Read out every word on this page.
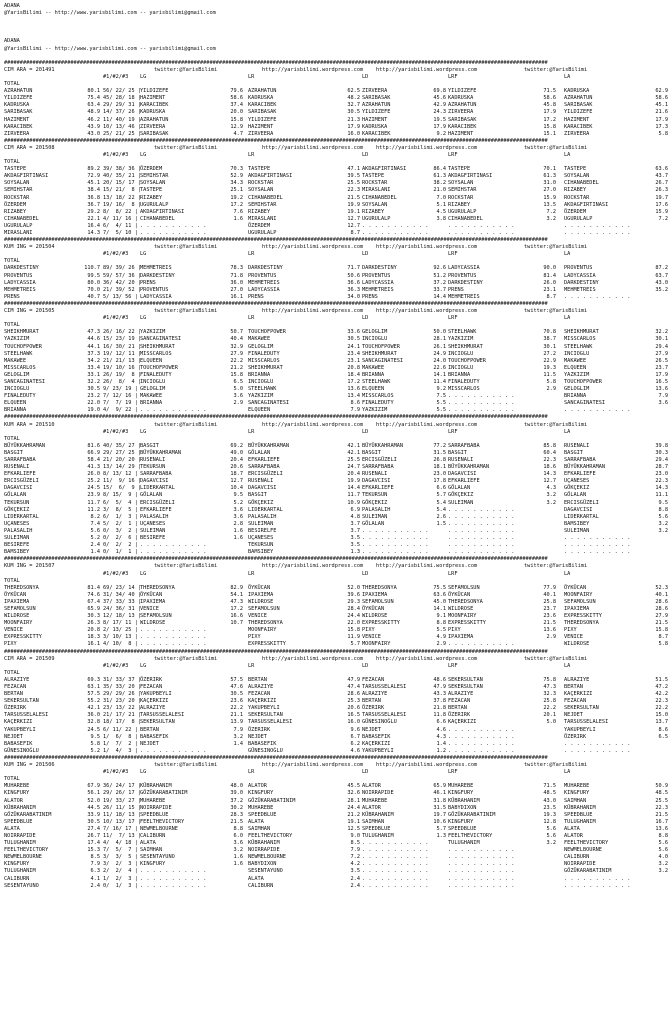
ADANA
@YarisBilimi -- http://www.yarisbilimi.com -- yarisbilimi@gmail.com
ADANA
@YarisBilimi -- http://www.yarisbilimi.com -- yarisbilimi@gmail.com
############################################################################################################################################################################
CIM ARA = 201491	http://yarisbilimi.wordpress.com
twitter:@YarisBilimi	twitter:@YarisBilimi
http://yarisbilimi.wordpress.com
#1/#2/#3 LG	LR	LD	LRF	LA
TOTAL
AZRAHATUN	80.1 56/ 22/ 25 | YILDIZEFE	79.6 AZRAHATUN	62.5 ZIRVEERA	69.8 YILDIZEFE	71.5 KADRUSKA	62.9
YILDIZEFE	75.4 45/ 28/ 18 | HAZIMENT	58.6 KADRUSKA	48.2 SARIBASAK	45.6 KADRUSKA	58.6 AZRAHATUN	58.6
KADRUSKA	63.4 29/ 29/ 31 | KARACIBEK	37.4 KARACIBEK	32.7 AZRAHATUN	42.9 AZRAHATUN	45.8 SARIBASAK	45.1
SARIBASAK	48.9 14/ 37/ 26 | KADRUSKA	20.0 SARIBASAK	30.5 YILDIZEFE	24.3 ZIRVEERA	17.9 YILDIZEFE	21.6
HAZIMENT	46.2 11/ 40/ 19 | AZRAHATUN	15.8 YILDIZEFE	21.3 HAZIMENT	19.5 SARIBASAK	17.2 HAZIMENT	17.9
KARACIBEK	43.9 10/ 13/ 46 | ZIRVEERA	12.9 HAZIMENT	17.9 KADRUSKA	17.9 KARACIBEK	15.8 KARACIBEK	17.3
ZIRVEERA	43.0 25/ 21/ 25 | SARIBASAK	4.7 ZIRVEERA	16.0 KARACIBEK	9.2 HAZIMENT	15.1 ZIRVEERA	5.8
############################################################################################################################################################################
CIM ARA = 201508	http://yarisbilimi.wordpress.com
twitter:@YarisBilimi	twitter:@YarisBilimi
http://yarisbilimi.wordpress.com
#1/#2/#3 LG	LR	LD	LRF	LA
TOTAL
TASTEPE	89.2 39/ 38/ 36 | ÖZERDEM	70.3 TASTEPE	47.1 AKDAGFIRTINASI	86.4 TASTEPE	70.1 TASTEPE	63.6
AKDAGFIRTINASI	72.9 40/ 35/ 21 | SEMIHSTAR	52.9 AKDAGFIRTINASI	39.5 TASTEPE	61.3 AKDAGFIRTINASI	61.3 SOYSALAN	43.7
SOYSALAN	45.1 20/ 15/ 17 | SOYSALAN	34.3 ROCKSTAR	25.5 ROCKSTAR	38.2 SOYSALAN	31.0 CIHANABEDEL	26.7
SEMIHSTAR	38.4 15/ 21/  8 | TASTEPE	25.1 SOYSALAN	22.3 MIRASLANI	21.0 SEMIHSTAR	27.0 RIZABEY	26.3
ROCKSTAR	36.8 13/ 18/ 22 | RIZABEY	19.2 CIHANABEDEL	21.5 CIHANABEDEL	7.0 ROCKSTAR	15.9 ROCKSTAR	19.7
ÖZERDEM	36.7 19/ 16/  8 | UGURULALP	17.2 SEMIHSTAR	19.9 SOYSALAN	5.1 RIZABEY	13.5 AKDAGFIRTINASI	17.6
RIZABEY	29.2 8/  8/ 22 | AKDAGFIRTINASI	7.6 RIZABEY	19.1 RIZABEY	4.5 UGURULALP	7.2 ÖZERDEM	15.9
CIHANABEDEL	22.1 4/ 11/ 16 | CIHANABEDEL	1.6 MIRASLANI	12.7 UGURULALP	3.8 CIHANABEDEL	3.2 UGURULALP	7.2
UGURULALP	16.4 6/  4/ 11 | . . . . . . . . . . .	ÖZERDEM	12.7 . . . . . . . . . . .	. . . . . . . . . . .	. . . . . . . . . . .
MIRASLANI	14.3 7/  5/ 10 | . . . . . . . . . . .	UGURULALP	8.7 . . . . . . . . . . .	. . . . . . . . . . .	. . . . . . . . . . .
############################################################################################################################################################################
KUM ING = 201504	http://yarisbilimi.wordpress.com
twitter:@YarisBilimi	twitter:@YarisBilimi
http://yarisbilimi.wordpress.com
#1/#2/#3 LG	LR	LD	LRF	LA
TOTAL
DARKDESTINY	110.7 89/ 39/ 26 | MEHMETREIS	78.3 DARKDESTINY	71.7 DARKDESTINY	92.6 LADYCASSIA	90.0 PROVENTUS	87.2
PROVENTUS	99.5 59/ 57/ 36 | DARKDESTINY	71.8 PROVENTUS	50.6 PROVENTUS	51.2 PROVENTUS	81.4 LADYCASSIA	63.7
LADYCASSIA	80.0 36/ 42/ 20 | PRENS	36.0 MEHMETREIS	36.6 LADYCASSIA	37.2 DARKDESTINY	26.0 DARKDESTINY	43.0
MEHMETREIS	70.0 21/ 39/ 52 | PROVENTUS	27.0 LADYCASSIA	36.3 MEHMETREIS	33.7 PRENS	23.1 MEHMETREIS	35.2
PRENS	40.7 5/ 13/ 56 | LADYCASSIA	16.1 PRENS	34.0 PRENS	14.4 MEHMETREIS	8.7 . . . . . . . . . . .
############################################################################################################################################################################
CIM ING = 201505	http://yarisbilimi.wordpress.com
twitter:@YarisBilimi	twitter:@YarisBilimi
http://yarisbilimi.wordpress.com
#1/#2/#3 LG	LR	LD	LRF	LA
TOTAL
SHEIKHMURAT	47.3 26/ 16/ 22 | YAZKIZIM	50.7 TOUCHOFPOWER	33.6 GELOGLIM	50.0 STEELHAWK	70.8 SHEIKHMURAT	32.2
YAZKIZIM	44.6 15/ 23/ 19 | SANCAGINATESI	40.4 MAKAWEE	30.5 INCIOGLU	28.1 YAZKIZIM	38.7 MISSCARLOS	30.1
TOUCHOFPOWER	44.1 16/ 30/ 21 | SHEIKHMURAT	32.9 GELOGLIM	24.1 TOUCHOFPOWER	26.1 SHEIKHMURAT	30.1 STEELHAWK	29.4
STEELHAWK	37.3 19/ 12/ 11 | MISSCARLOS	27.9 FINALEDUTY	23.4 SHEIKHMURAT	24.9 INCIOGLU	27.2 INCIOGLU	27.9
MAKAWEE	34.2 21/ 21/ 13 | ELQUEEN	22.2 MISSCARLOS	23.1 SANCAGINATESI	24.0 TOUCHOFPOWER	22.9 MAKAWEE	26.5
MISSCARLOS	33.4 19/ 10/ 16 | TOUCHOFPOWER	21.2 SHEIKHMURAT	20.8 MAKAWEE	22.6 INCIOGLU	19.3 ELQUEEN	23.7
GELOGLIM	33.1 26/ 19/  8 | FINALEDUTY	15.8 BRIANNA	18.4 BRIANNA	14.1 BRIANNA	11.5 YAZKIZIM	17.9
SANCAGINATESI	32.2 26/  8/  4 | INCIOGLU	6.5 INCIOGLU	17.2 STEELHAWK	11.4 FINALEDUTY	5.8 TOUCHOFPOWER	16.5
INCIOGLU	30.5 9/ 23/ 19 | GELOGLIM	5.0 STEELHAWK	13.6 ELQUEEN	9.2 MISSCARLOS	2.9 GELOGLIM	13.6
FINALEDUTY	23.2 7/ 12/ 16 | MAKAWEE	3.6 YAZKIZIM	13.4 MISSCARLOS	7.5 . . . . . . . . . . .	BRIANNA	7.9
ELQUEEN	22.0 7/  7/ 19 | BRIANNA	2.9 SANCAGINATESI	8.6 FINALEDUTY	5.5 . . . . . . . . . . .	SANCAGINATESI	3.6
BRIANNA	19.0 4/  9/ 22 | . . . . . . . . . . .	ELQUEEN	7.9 YAZKIZIM	5.5 . . . . . . . . . . .	. . . . . . . . . . .
############################################################################################################################################################################
KUM ARA = 201510	http://yarisbilimi.wordpress.com
twitter:@YarisBilimi	twitter:@YarisBilimi
http://yarisbilimi.wordpress.com
#1/#2/#3 LG	LR	LD	LRF	LA
TOTAL
BÜYÜKKAHRAMAN	81.6 40/ 35/ 27 | BASGIT	69.2 BÜYÜKKAHRAMAN	42.1 BÜYÜKKAHRAMAN	77.2 SARRAFBABA	85.8 RUSENALI	39.8
BASGIT	66.9 29/ 27/ 25 | BÜYÜKKAHRAMAN	49.0 GÖLALAN	42.1 BASGIT	31.5 BASGIT	60.4 BASGIT	30.3
SARRAFBABA	58.4 21/ 20/ 20 | RUSENALI	20.4 EFKARLIEFE	25.5 ERCISGÜZELI	26.8 RUSENALI	22.3 SARRAFBABA	29.4
RUSENALI	41.3 13/ 14/ 29 | TEKURSUN	20.6 SARRAFBABA	24.7 SARRAFBABA	18.1 BÜYÜKKAHRAMAN	18.6 BÜYÜKKAHRAMAN	28.7
EFKARLIEFE	26.0 8/ 13/ 12 | SARRAFBABA	18.7 ERCISGÜZELI	20.4 RUSENALI	23.0 DAGAVCISI	14.3 EFKARLIEFE	23.0
ERCISGÜZELI	25.2 11/  9/ 16 | DAGAVCISI	12.7 RUSENALI	19.9 DAGAVCISI	17.8 EFKARLIEFE	12.7 UÇANESES	22.3
DAGAVCISI	24.5 15/  6/  9 | LIDERKARTAL	10.4 DAGAVCISI	14.4 EFKARLIEFE	6.6 GÖLALAN	4.3 GÖKÇEKIZ	14.3
GÖLALAN	23.9 8/ 15/  9 | GÖLALAN	9.5 BASGIT	11.7 TEKURSUN	5.7 GÖKÇEKIZ	3.2 GÖLALAN	11.1
TEKURSUN	11.7 6/  5/  4 | ERCISGÜZELI	5.2 GÖKÇEKIZ	10.9 GÖKÇEKIZ	5.4 SULEIMAN	3.2 ERCISGÜZELI	9.5
GÖKÇEKIZ	11.2 3/  8/  5 | EFKARLIEFE	3.6 LIDERKARTAL	6.9 PALASALIH	5.4 . . . . . . . . . . .	DAGAVCISI	8.8
LIDERKARTAL	8.2 6/  1/  3 | PALASALIH	3.6 PALASALIH	4.8 SULEIMAN	2.6 . . . . . . . . . . .	LIDERKARTAL	5.6
UÇANESES	7.4 5/  2/  1 | UÇANESES	2.8 SULEIMAN	3.7 GÖLALAN	1.5 . . . . . . . . . . .	BAMSIBEY	3.2
PALASALIH	5.6 0/  3/  2 | SULEIMAN	1.6 BESIRELFE	3.7 . . . . . . . . . . .	. . . . . . . . . . .	SULEIMAN	3.2
SULEIMAN	5.2 0/  2/  6 | BESIREFE	1.6 UÇANESES	3.5 . . . . . . . . . . .	. . . . . . . . . . .	. . . . . . . . . . .
BESIREFE	2.4 0/  2/  2 | . . . . . . . . . . .	TEKURSUN	3.5 . . . . . . . . . . .	. . . . . . . . . . .	. . . . . . . . . . .
BAMSIBEY	1.4 0/  1/  1 | . . . . . . . . . . .	BAMSIBEY	1.3 . . . . . . . . . . .	. . . . . . . . . . .	. . . . . . . . . . .
############################################################################################################################################################################
KUM ING = 201507	http://yarisbilimi.wordpress.com
twitter:@YarisBilimi	twitter:@YarisBilimi
http://yarisbilimi.wordpress.com
#1/#2/#3 LG	LR	LD	LRF	LA
TOTAL
THEREDSONYA	81.4 69/ 23/ 14 | THEREDSONYA	82.9 ÖYKÜCAN	52.0 THEREDSONYA	75.5 SEFAMOLSUN	77.9 ÖYKÜCAN	52.3
ÖYKÜCAN	74.6 31/ 34/ 40 | ÖYKÜCAN	54.1 IPAXIEMA	39.6 IPAXIEMA	63.6 ÖYKÜCAN	40.1 MOONFAIRY	40.1
IPAXIEMA	67.4 37/ 33/ 33 | IPAXIEMA	47.3 WILDROSE	29.3 SEFAMOLSUN	45.0 THEREDSONYA	25.8 SEFAMOLSUN	28.6
SEFAMOLSUN	65.9 24/ 36/ 31 | VENICE	17.2 SEFAMOLSUN	28.4 ÖYKÜCAN	14.1 WILDROSE	23.7 IPAXIEMA	28.6
WILDROSE	30.3 12/ 18/ 13 | SEFAMOLSUN	16.6 VENICE	24.4 WILDROSE	9.1 MOONFAIRY	23.6 EXPRESSKITTY	27.9
MOONFAIRY	26.3 8/ 17/ 11 | WILDROSE	10.7 THEREDSONYA	22.0 EXPRESSKITTY	8.8 EXPRESSKITTY	21.5 THEREDSONYA	21.5
VENICE	20.8 2/ 13/ 25 | . . . . . . . . . . .	MOONFAIRY	15.8 PIXY	5.5 PIXY	13.6 PIXY	15.8
EXPRESSKITTY	18.3 3/ 10/ 13 | . . . . . . . . . . .	PIXY	11.9 VENICE	4.9 IPAXIEMA	2.9 VENICE	8.7
PIXY	16.1 4/ 10/  8 | . . . . . . . . . . .	EXPRESSKITTY	5.7 MOONFAIRY	2.9 . . . . . . . . . . .	WILDROSE	5.8
############################################################################################################################################################################
CIM ARA = 201509	http://yarisbilimi.wordpress.com
twitter:@YarisBilimi	twitter:@YarisBilimi
http://yarisbilimi.wordpress.com
#1/#2/#3 LG	LR	LD	LRF	LA
TOTAL
ALRAZIYE	69.3 31/ 33/ 37 | ÖZERIRK	57.5 BERTAN	47.9 FEZACAN	48.6 SEKERSULTAN	75.8 ALRAZIYE	51.5
FEZACAN	63.1 35/ 33/ 20 | FEZACAN	47.6 ALRAZIYE	47.4 TARSUSSELALESI	47.9 SEKERSULTAN	47.3 BERTAN	47.2
BERTAN	57.5 29/ 29/ 26 | YAKUPBEYLI	30.5 FEZACAN	28.6 ALRAZIYE	43.3 ALRAZIYE	32.3 KAÇERKIZI	42.2
SEKERSULTAN	55.2 31/ 23/ 20 | KAÇERKIZI	23.6 KAÇERKIZI	25.3 BERTAN	37.8 FEZACAN	25.8 FEZACAN	22.3
ÖZERIRK	42.1 23/ 13/ 22 | ALRAZIYE	22.2 YAKUPBEYLI	20.6 ÖZERIRK	21.8 BERTAN	22.2 SEKERSULTAN	22.2
TARSUSSELALESI	36.0 21/ 17/ 21 | TARSUSSELALESI	21.1 SEKERSULTAN	16.5 TARSUSSELALESI	11.8 ÖZERIRK	20.1 NEJDET	15.0
KAÇERKIZI	32.8 18/ 17/  8 | SEKERSULTAN	13.9 TARSUSSELALESI	16.0 GÜNESINOĞLU	6.6 KAÇERKIZI	5.0 TARSUSSELALESI	13.7
YAKUPBEYLI	24.5 6/ 11/ 22 | BERTAN	7.9 ÖZERIRK	9.6 NEJDET	4.6 . . . . . . . . . . .	YAKUPBEYLI	8.6
NEJDET	9.5 1/  6/  8 | BABASEFIK	3.2 NEJDET	6.7 BABASEFIK	4.3 . . . . . . . . . . .	ÖZERIRK	6.5
BABASEFIK	5.8 1/  7/  2 | NEJDET	1.4 BABASEFIK	6.2 KAÇERKIZI	1.4 . . . . . . . . . . .	. . . . . . . . . . .
GÜNESINOĞLU	5.2 1/  4/  3 | . . . . . . . . . . .	GÜNESINOĞLU	4.6 YAKUPBEYLI	1.2 . . . . . . . . . . .	. . . . . . . . . . .
############################################################################################################################################################################
KUM ING = 201506	http://yarisbilimi.wordpress.com
twitter:@YarisBilimi	twitter:@YarisBilimi
http://yarisbilimi.wordpress.com
#1/#2/#3 LG	LR	LD	LRF	LA
TOTAL
MUHAREBE	67.9 36/ 24/ 17 | KÜBRAHANIM	48.0 ALATOR	45.5 ALATOR	65.9 MUHAREBE	71.5 MUHAREBE	50.9
KINGFURY	56.1 29/ 26/ 17 | GÖZÜKARABATINIM	39.0 KINGFURY	32.6 NOIRRAPIDE	46.1 KINGFURY	48.5 KINGFURY	48.5
ALATOR	52.0 19/ 33/ 27 | MUHAREBE	37.2 GÖZÜKARABATINIM	28.1 MUHAREBE	31.8 KÜBRAHANIM	43.0 SAIMHAN	25.5
KÜBRAHANIM	44.5 26/ 11/ 15 | NOIRRAPIDE	30.2 MUHAREBE	24.4 ALATOR	31.5 BABYDIXON	23.5 KÜBRAHANIM	22.3
GÖZÜKARABATINIM	33.9 11/ 18/ 13 | SPEEDBLUE	28.3 SPEEDBLUE	21.2 KÜBRAHANIM	19.7 GÖZÜKARABATINIM	19.3 SPEEDBLUE	21.5
SPEEDBLUE	30.5 10/ 13/ 17 | FEELTHEVICTORY	21.5 ALATA	19.1 SAIMHAN	10.6 KINGFURY	12.8 TULUGHANIM	16.7
ALATA	27.4 7/ 16/ 17 | NEWMELBOURNE	8.8 SAIMHAN	12.5 SPEEDBLUE	5.7 SPEEDBLUE	5.6 ALATA	13.6
NOIRRAPIDE	26.7 11/  7/ 13 | CALIBURN	6.0 FEELTHEVICTORY	9.0 TULUGHANIM	1.3 FEELTHEVICTORY	5.6 ALATOR	8.8
TULUGHANIM	17.4 4/  4/ 18 | ALATA	3.6 KÜBRAHANIM	8.5 . . . . . . . . . . .	TULUGHANIM	3.2 FEELTHEVICTORY	5.6
FEELTHEVICTORY	15.3 7/  5/  7 | SAIMHAN	3.2 NOIRRAPIDE	7.9 . . . . . . . . . . .	. . . . . . . . . . .	NEWMELBOURNE	5.6
NEWMELBOURNE	8.5 3/  3/  5 | SESENTAYUNO	1.6 NEWMELBOURNE	7.2 . . . . . . . . . . .	. . . . . . . . . . .	CALIBURN	4.0
KINGFURY	7.9 3/  2/  3 | KINGFURY	1.6 BABYDIXON	4.2 . . . . . . . . . . .	. . . . . . . . . . .	NOIRRAPIDE	3.2
TULUGHANIM	6.3 2/  2/  4 | . . . . . . . . . . .	SESENTAYUNO	3.5 . . . . . . . . . . .	. . . . . . . . . . .	GÖZÜKARABATINIM	3.2
CALIBURN	4.1 1/  2/  3 | . . . . . . . . . . .	ALATA	2.4 . . . . . . . . . . .	. . . . . . . . . . .	. . . . . . . . . . .
SESENTAYUNO	2.4 0/  1/  3 | . . . . . . . . . . .	CALIBURN	2.4 . . . . . . . . . . .	. . . . . . . . . . .	. . . . . . . . . . .
